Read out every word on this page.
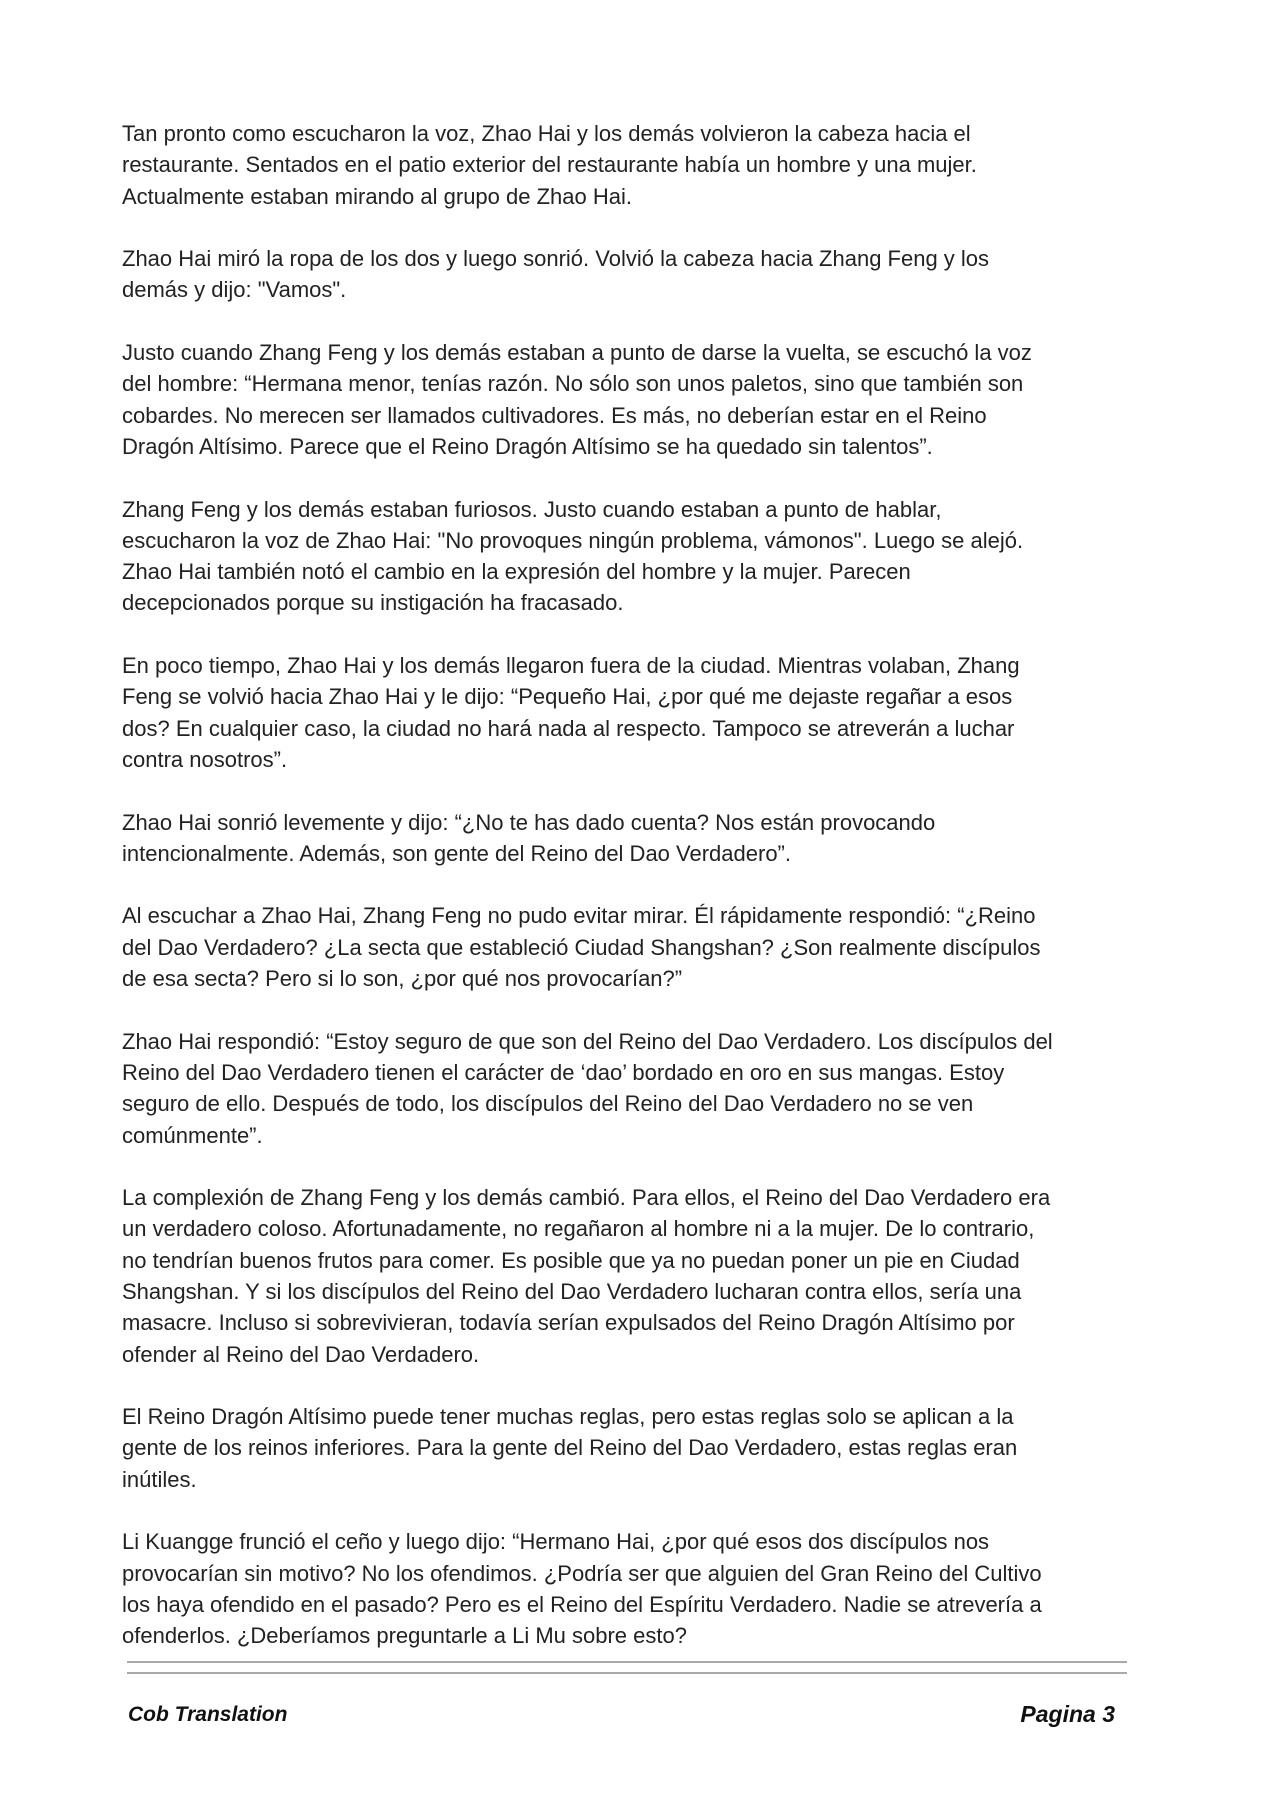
Tan pronto como escucharon la voz, Zhao Hai y los demás volvieron la cabeza hacia el
restaurante. Sentados en el patio exterior del restaurante había un hombre y una mujer.
Actualmente estaban mirando al grupo de Zhao Hai.

Zhao Hai miró la ropa de los dos y luego sonrió. Volvió la cabeza hacia Zhang Feng y los
demás y dijo: "Vamos".

Justo cuando Zhang Feng y los demás estaban a punto de darse la vuelta, se escuchó la voz
del hombre: “Hermana menor, tenías razón. No sólo son unos paletos, sino que también son
cobardes. No merecen ser llamados cultivadores. Es más, no deberían estar en el Reino
Dragón Altísimo. Parece que el Reino Dragón Altísimo se ha quedado sin talentos”.

Zhang Feng y los demás estaban furiosos. Justo cuando estaban a punto de hablar,
escucharon la voz de Zhao Hai: "No provoques ningún problema, vámonos". Luego se alejó.
Zhao Hai también notó el cambio en la expresión del hombre y la mujer. Parecen
decepcionados porque su instigación ha fracasado.

En poco tiempo, Zhao Hai y los demás llegaron fuera de la ciudad. Mientras volaban, Zhang
Feng se volvió hacia Zhao Hai y le dijo: “Pequeño Hai, ¿por qué me dejaste regañar a esos
dos? En cualquier caso, la ciudad no hará nada al respecto. Tampoco se atreverán a luchar
contra nosotros”.

Zhao Hai sonrió levemente y dijo: “¿No te has dado cuenta? Nos están provocando
intencionalmente. Además, son gente del Reino del Dao Verdadero”.

Al escuchar a Zhao Hai, Zhang Feng no pudo evitar mirar. Él rápidamente respondió: “¿Reino
del Dao Verdadero? ¿La secta que estableció Ciudad Shangshan? ¿Son realmente discípulos
de esa secta? Pero si lo son, ¿por qué nos provocarían?”

Zhao Hai respondió: “Estoy seguro de que son del Reino del Dao Verdadero. Los discípulos del
Reino del Dao Verdadero tienen el carácter de ‘dao’ bordado en oro en sus mangas. Estoy
seguro de ello. Después de todo, los discípulos del Reino del Dao Verdadero no se ven
comúnmente”.

La complexión de Zhang Feng y los demás cambió. Para ellos, el Reino del Dao Verdadero era
un verdadero coloso. Afortunadamente, no regañaron al hombre ni a la mujer. De lo contrario,
no tendrían buenos frutos para comer. Es posible que ya no puedan poner un pie en Ciudad
Shangshan. Y si los discípulos del Reino del Dao Verdadero lucharan contra ellos, sería una
masacre. Incluso si sobrevivieran, todavía serían expulsados del Reino Dragón Altísimo por
ofender al Reino del Dao Verdadero.

El Reino Dragón Altísimo puede tener muchas reglas, pero estas reglas solo se aplican a la
gente de los reinos inferiores. Para la gente del Reino del Dao Verdadero, estas reglas eran
inútiles.

Li Kuangge frunció el ceño y luego dijo: “Hermano Hai, ¿por qué esos dos discípulos nos
provocarían sin motivo? No los ofendimos. ¿Podría ser que alguien del Gran Reino del Cultivo
los haya ofendido en el pasado? Pero es el Reino del Espíritu Verdadero. Nadie se atrevería a
ofenderlos. ¿Deberíamos preguntarle a Li Mu sobre esto?

Cob Translation	Pagina 3
